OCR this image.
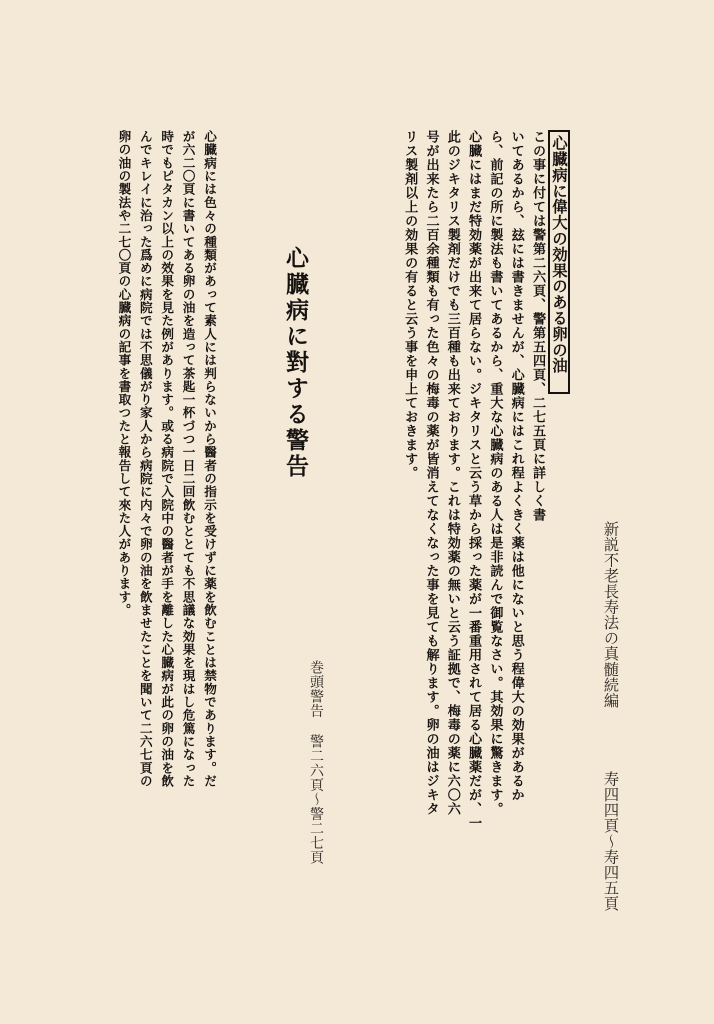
新説不老長寿法の真髄続編
寿四四頁〜寿四五頁
心臓病に偉大の効果のある卵の油

この事に付ては警第二六頁、警第五四頁、二七五頁に詳しく書

いてあるから、玆には書きませんが、心臓病にはこれ程よくきく薬は他にないと思う程偉大の効果があるか

ら、前記の所に製法も書いてあるから、重大な心臓病のある人は是非読んで御覧なさい。其効果に驚きます。

心臓にはまだ特効薬が出来て居らない。ジキタリスと云う草から採った薬が一番重用されて居る心臓薬だが、一

此のジキタリス製剤だけでも三百種も出来ております。これは特効薬の無いと云う証拠で、梅毒の薬に六〇六

号が出来たら二百余種類も有った色々の梅毒の薬が皆消えてなくなった事を見ても解ります。卵の油はジキタ

リス製剤以上の効果の有ると云う事を申上ておきます。

心臓病に對する警告
巻頭警告警二六頁〜警二七頁

心臓病には色々の種類があって素人には判らないから醫者の指示を受けずに薬を飲むことは禁物であります。だ

が六二〇頁に書いてある卵の油を造って茶匙一杯づつ一日二回飲むととても不思議な効果を現はし危篤になった

時でもピタカン以上の效果を見た例があります。或る病院で入院中の醫者が手を離した心臓病が此の卵の油を飲

んでキレイに治った爲めに病院では不思儀がり家人から病院に内々で卵の油を飲ませたことを聞いて二六七頁の

卵の油の製法や二七〇頁の心臓病の記事を書取つたと報告して來た人があります。
